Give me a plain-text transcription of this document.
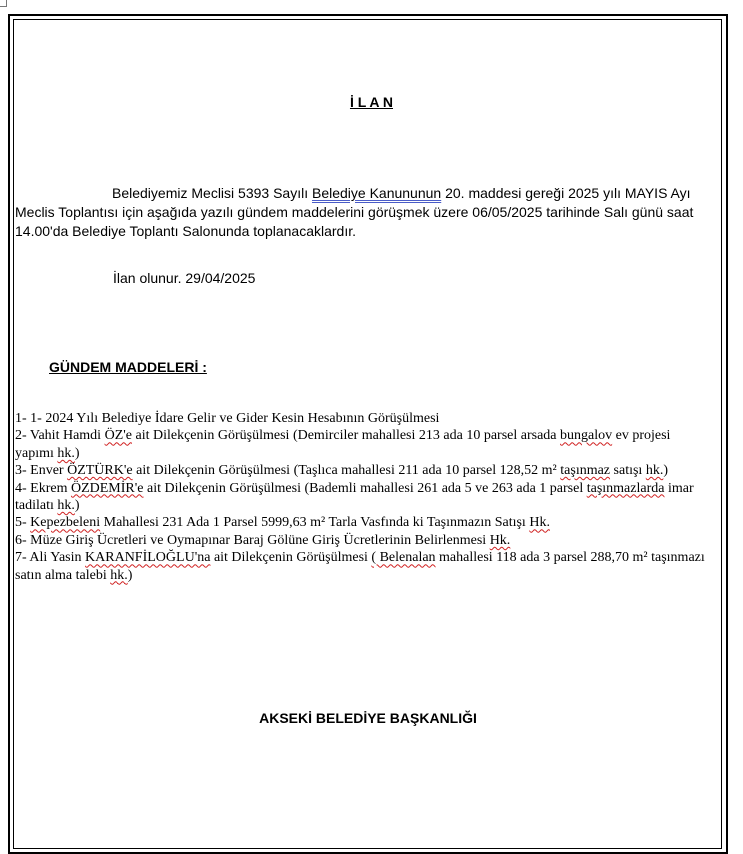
İ L A N
Belediyemiz Meclisi 5393 Sayılı Belediye Kanununun 20. maddesi gereği 2025 yılı MAYIS Ayı Meclis Toplantısı için aşağıda yazılı gündem maddelerini görüşmek üzere 06/05/2025 tarihinde Salı günü saat 14.00'da Belediye Toplantı Salonunda toplanacaklardır.
İlan olunur. 29/04/2025
GÜNDEM MADDELERİ :

1- 1- 2024 Yılı Belediye İdare Gelir ve Gider Kesin Hesabının Görüşülmesi

2- Vahit Hamdi ÖZ'e ait Dilekçenin Görüşülmesi (Demirciler mahallesi 213 ada 10 parsel arsada bungalov ev projesi yapımı hk.)

3- Enver ÖZTÜRK'e ait Dilekçenin Görüşülmesi (Taşlıca mahallesi 211 ada 10 parsel 128,52 m² taşınmaz satışı hk.)

4- Ekrem ÖZDEMİR'e ait Dilekçenin Görüşülmesi (Bademli mahallesi 261 ada 5 ve 263 ada 1 parsel taşınmazlarda imar tadilatı hk.)

5- Kepezbeleni Mahallesi 231 Ada 1 Parsel 5999,63 m² Tarla Vasfında ki Taşınmazın Satışı Hk.

6- Müze Giriş Ücretleri ve Oymapınar Baraj Gölüne Giriş Ücretlerinin Belirlenmesi Hk.

7- Ali Yasin KARANFİLOĞLU'na ait Dilekçenin Görüşülmesi ( Belenalan mahallesi 118 ada 3 parsel 288,70 m² taşınmazı satın alma talebi hk.)

AKSEKİ BELEDİYE BAŞKANLIĞI
